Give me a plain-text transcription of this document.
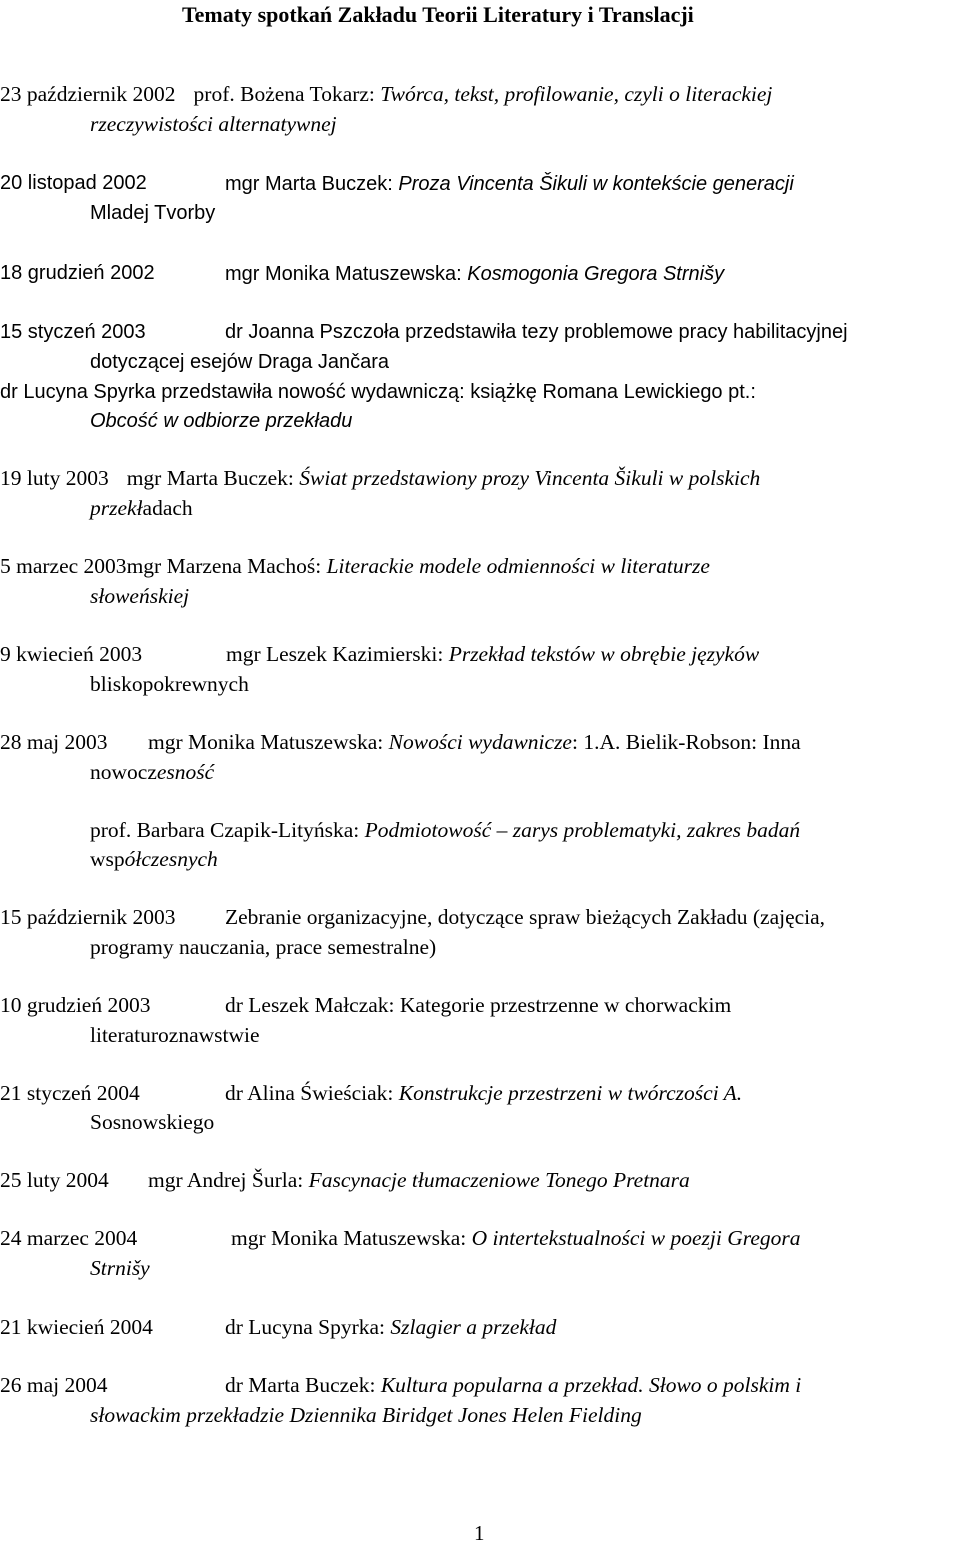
Tematy spotkań Zakładu Teorii Literatury i Translacji
23 październik 2002 prof. Bożena Tokarz: Twórca, tekst, profilowanie, czyli o literackiej
rzeczywistości alternatywnej
20 listopad 2002	mgr Marta Buczek: Proza Vincenta Šikuli w kontekście generacji
Mladej Tvorby
18 grudzień 2002	mgr Monika Matuszewska: Kosmogonia Gregora Strnišy
15 styczeń 2003	dr Joanna Pszczoła przedstawiła tezy problemowe pracy habilitacyjnej
dotyczącej esejów Draga Jančara
dr Lucyna Spyrka przedstawiła nowość wydawniczą: książkę Romana Lewickiego pt.:
Obcość w odbiorze przekładu
19 luty 2003 mgr Marta Buczek: Świat przedstawiony prozy Vincenta Šikuli w polskich
przekładach
5 marzec 2003mgr Marzena Machoś: Literackie modele odmienności w literaturze
słoweńskiej
9 kwiecień 2003	mgr Leszek Kazimierski: Przekład tekstów w obrębie języków
bliskopokrewnych
28 maj 2003 mgr Monika Matuszewska: Nowości wydawnicze: 1.A. Bielik-Robson: Inna
nowoczesność
prof. Barbara Czapik-Lityńska: Podmiotowość – zarys problematyki, zakres badań
współczesnych
15 październik 2003 Zebranie organizacyjne, dotyczące spraw bieżących Zakładu (zajęcia,
programy nauczania, prace semestralne)
10 grudzień 2003	dr Leszek Małczak: Kategorie przestrzenne w chorwackim
literaturoznawstwie
21 styczeń 2004	dr Alina Świeściak: Konstrukcje przestrzeni w twórczości A.
Sosnowskiego
25 luty 2004 mgr Andrej Šurla: Fascynacje tłumaczeniowe Tonego Pretnara
24 marzec 2004	mgr Monika Matuszewska: O intertekstualności w poezji Gregora
Strnišy
21 kwiecień 2004	dr Lucyna Spyrka: Szlagier a przekład
26 maj 2004	dr Marta Buczek: Kultura popularna a przekład. Słowo o polskim i
słowackim przekładzie Dziennika Biridget Jones Helen Fielding
1
